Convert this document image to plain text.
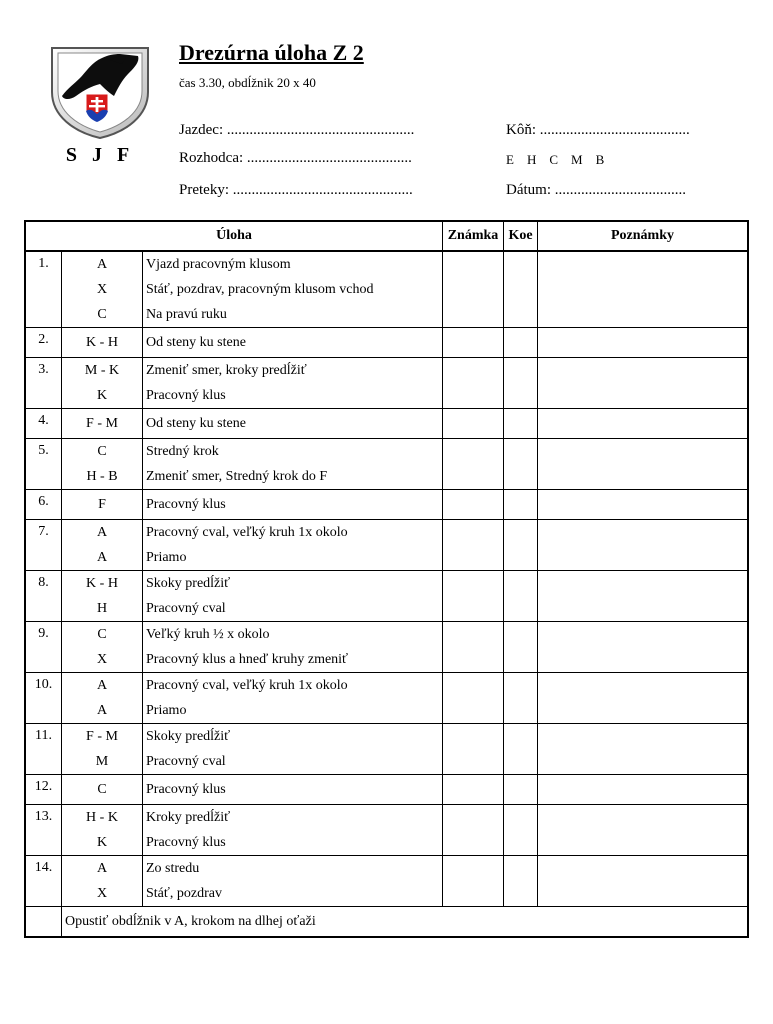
S J F
Drezúrna úloha Z 2
čas 3.30, obdĺžnik 20 x 40
Jazdec: ..................................................
Rozhodca: ............................................
Preteky: ................................................
Kôň: ........................................
E H C M B
Dátum: ...................................
Úloha			Známka	Koe	Poznámky
1.	A	Vjazd pracovným klusom			
	X	Stáť, pozdrav, pracovným klusom vchod			
	C	Na pravú ruku			
2.	K - H	Od steny ku stene			
3.	M - K	Zmeniť smer, kroky predĺžiť			
	K	Pracovný klus			
4.	F - M	Od steny ku stene			
5.	C	Stredný krok			
	H - B	Zmeniť smer, Stredný krok do F			
6.	F	Pracovný klus			
7.	A	Pracovný cval, veľký kruh 1x okolo			
	A	Priamo			
8.	K - H	Skoky predĺžiť			
	H	Pracovný cval			
9.	C	Veľký kruh ½ x okolo			
	X	Pracovný klus a hneď kruhy zmeniť			
10.	A	Pracovný cval, veľký kruh 1x okolo			
	A	Priamo			
11.	F - M	Skoky predĺžiť			
	M	Pracovný cval			
12.	C	Pracovný klus			
13.	H - K	Kroky predĺžiť			
	K	Pracovný klus			
14.	A	Zo stredu			
	X	Stáť, pozdrav			
	Opustiť obdĺžnik v A, krokom na dlhej oťaži				
